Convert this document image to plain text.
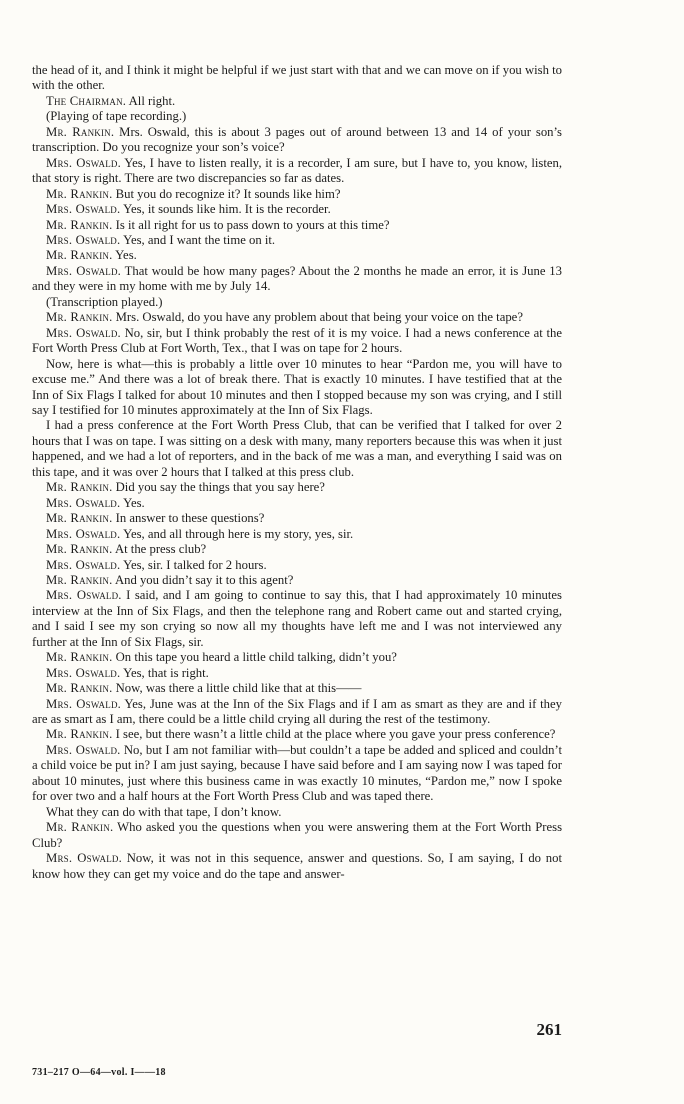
the head of it, and I think it might be helpful if we just start with that and we can move on if you wish to with the other.

The Chairman. All right.

(Playing of tape recording.)

Mr. Rankin. Mrs. Oswald, this is about 3 pages out of around between 13 and 14 of your son’s transcription. Do you recognize your son’s voice?

Mrs. Oswald. Yes, I have to listen really, it is a recorder, I am sure, but I have to, you know, listen, that story is right. There are two discrepancies so far as dates.

Mr. Rankin. But you do recognize it? It sounds like him?

Mrs. Oswald. Yes, it sounds like him. It is the recorder.

Mr. Rankin. Is it all right for us to pass down to yours at this time?

Mrs. Oswald. Yes, and I want the time on it.

Mr. Rankin. Yes.

Mrs. Oswald. That would be how many pages? About the 2 months he made an error, it is June 13 and they were in my home with me by July 14.

(Transcription played.)

Mr. Rankin. Mrs. Oswald, do you have any problem about that being your voice on the tape?

Mrs. Oswald. No, sir, but I think probably the rest of it is my voice. I had a news conference at the Fort Worth Press Club at Fort Worth, Tex., that I was on tape for 2 hours.

Now, here is what—this is probably a little over 10 minutes to hear “Pardon me, you will have to excuse me.” And there was a lot of break there. That is exactly 10 minutes. I have testified that at the Inn of Six Flags I talked for about 10 minutes and then I stopped because my son was crying, and I still say I testified for 10 minutes approximately at the Inn of Six Flags.

I had a press conference at the Fort Worth Press Club, that can be verified that I talked for over 2 hours that I was on tape. I was sitting on a desk with many, many reporters because this was when it just happened, and we had a lot of reporters, and in the back of me was a man, and everything I said was on this tape, and it was over 2 hours that I talked at this press club.

Mr. Rankin. Did you say the things that you say here?

Mrs. Oswald. Yes.

Mr. Rankin. In answer to these questions?

Mrs. Oswald. Yes, and all through here is my story, yes, sir.

Mr. Rankin. At the press club?

Mrs. Oswald. Yes, sir. I talked for 2 hours.

Mr. Rankin. And you didn’t say it to this agent?

Mrs. Oswald. I said, and I am going to continue to say this, that I had approximately 10 minutes interview at the Inn of Six Flags, and then the telephone rang and Robert came out and started crying, and I said I see my son crying so now all my thoughts have left me and I was not interviewed any further at the Inn of Six Flags, sir.

Mr. Rankin. On this tape you heard a little child talking, didn’t you?

Mrs. Oswald. Yes, that is right.

Mr. Rankin. Now, was there a little child like that at this——

Mrs. Oswald. Yes, June was at the Inn of the Six Flags and if I am as smart as they are and if they are as smart as I am, there could be a little child crying all during the rest of the testimony.

Mr. Rankin. I see, but there wasn’t a little child at the place where you gave your press conference?

Mrs. Oswald. No, but I am not familiar with—but couldn’t a tape be added and spliced and couldn’t a child voice be put in? I am just saying, because I have said before and I am saying now I was taped for about 10 minutes, just where this business came in was exactly 10 minutes, “Pardon me,” now I spoke for over two and a half hours at the Fort Worth Press Club and was taped there.

What they can do with that tape, I don’t know.

Mr. Rankin. Who asked you the questions when you were answering them at the Fort Worth Press Club?

Mrs. Oswald. Now, it was not in this sequence, answer and questions. So, I am saying, I do not know how they can get my voice and do the tape and answer-

261
731–217 O—64—vol. I——18
